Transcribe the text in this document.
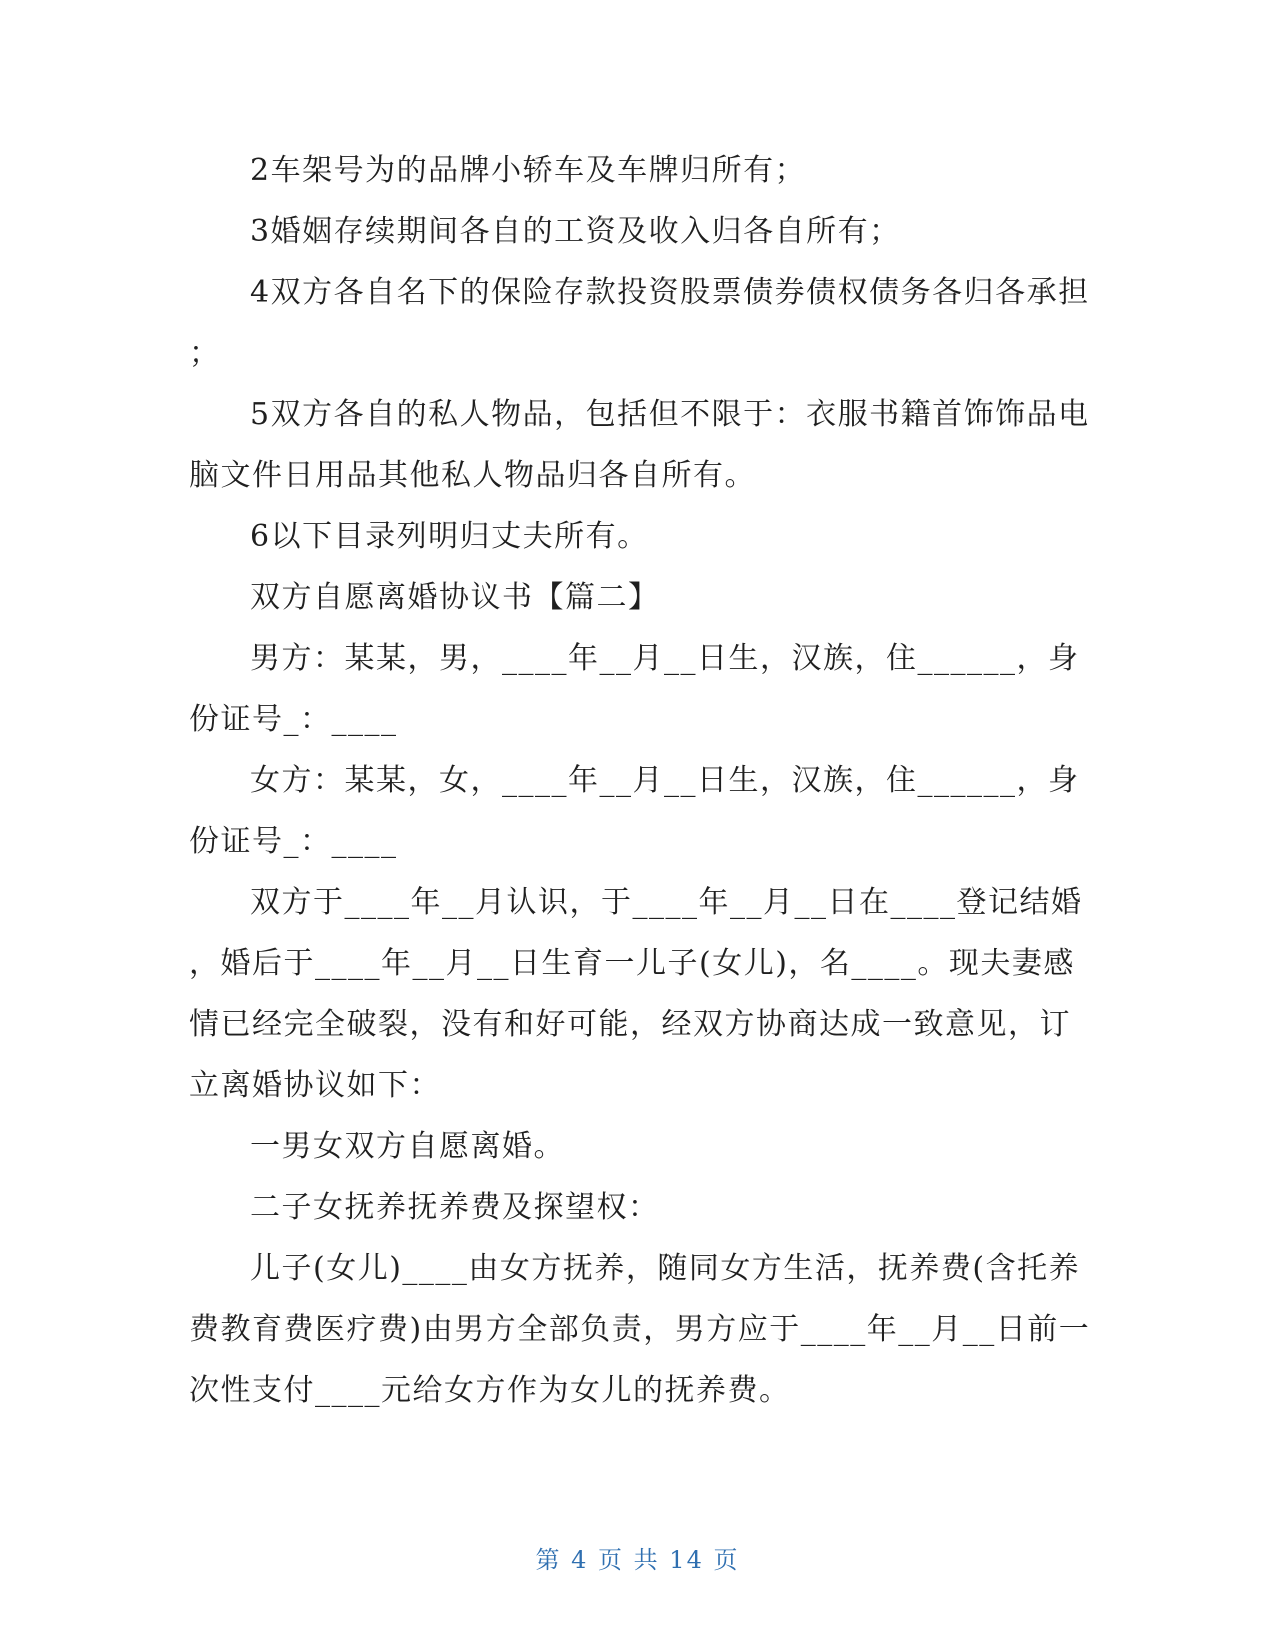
2车架号为的品牌小轿车及车牌归所有；
3婚姻存续期间各自的工资及收入归各自所有；
4双方各自名下的保险存款投资股票债券债权债务各归各承担
；
5双方各自的私人物品，包括但不限于：衣服书籍首饰饰品电
脑文件日用品其他私人物品归各自所有。
6以下目录列明归丈夫所有。
双方自愿离婚协议书【篇二】
男方：某某，男，____年__月__日生，汉族，住______，身
份证号_：____
女方：某某，女，____年__月__日生，汉族，住______，身
份证号_：____
双方于____年__月认识，于____年__月__日在____登记结婚
，婚后于____年__月__日生育一儿子(女儿)，名____。现夫妻感
情已经完全破裂，没有和好可能，经双方协商达成一致意见，订
立离婚协议如下：
一男女双方自愿离婚。
二子女抚养抚养费及探望权：
儿子(女儿)____由女方抚养，随同女方生活，抚养费(含托养
费教育费医疗费)由男方全部负责，男方应于____年__月__日前一
次性支付____元给女方作为女儿的抚养费。
第 4 页 共 14 页
